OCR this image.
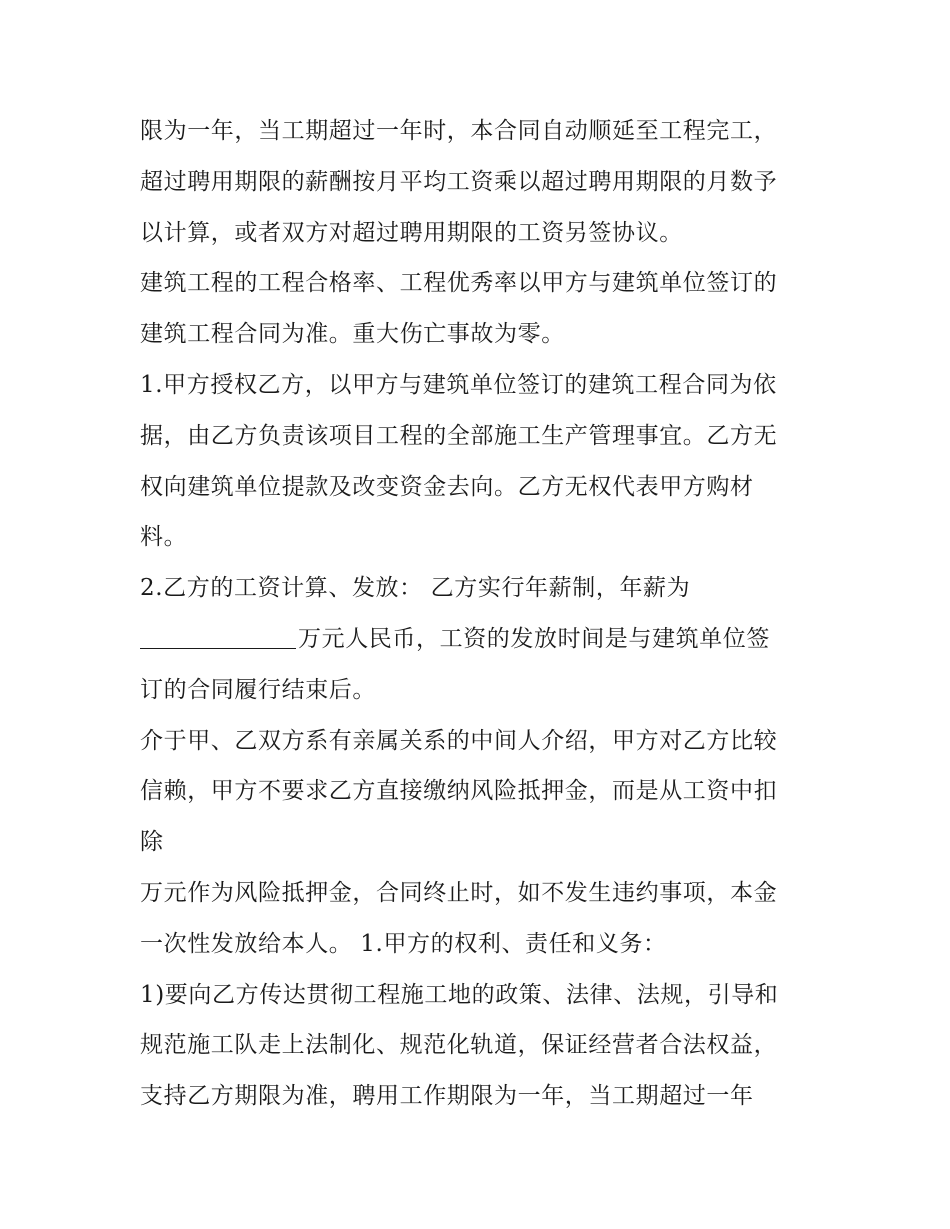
限为一年，当工期超过一年时，本合同自动顺延至工程完工，
超过聘用期限的薪酬按月平均工资乘以超过聘用期限的月数予
以计算，或者双方对超过聘用期限的工资另签协议。
建筑工程的工程合格率、工程优秀率以甲方与建筑单位签订的
建筑工程合同为准。重大伤亡事故为零。
1.甲方授权乙方，以甲方与建筑单位签订的建筑工程合同为依
据，由乙方负责该项目工程的全部施工生产管理事宜。乙方无
权向建筑单位提款及改变资金去向。乙方无权代表甲方购材
料。
2.乙方的工资计算、发放： 乙方实行年薪制，年薪为
万元人民币，工资的发放时间是与建筑单位签
订的合同履行结束后。
介于甲、乙双方系有亲属关系的中间人介绍，甲方对乙方比较
信赖，甲方不要求乙方直接缴纳风险抵押金，而是从工资中扣
除
万元作为风险抵押金，合同终止时，如不发生违约事项，本金
一次性发放给本人。 1.甲方的权利、责任和义务：
1)要向乙方传达贯彻工程施工地的政策、法律、法规，引导和
规范施工队走上法制化、规范化轨道，保证经营者合法权益，
支持乙方期限为准，聘用工作期限为一年，当工期超过一年
